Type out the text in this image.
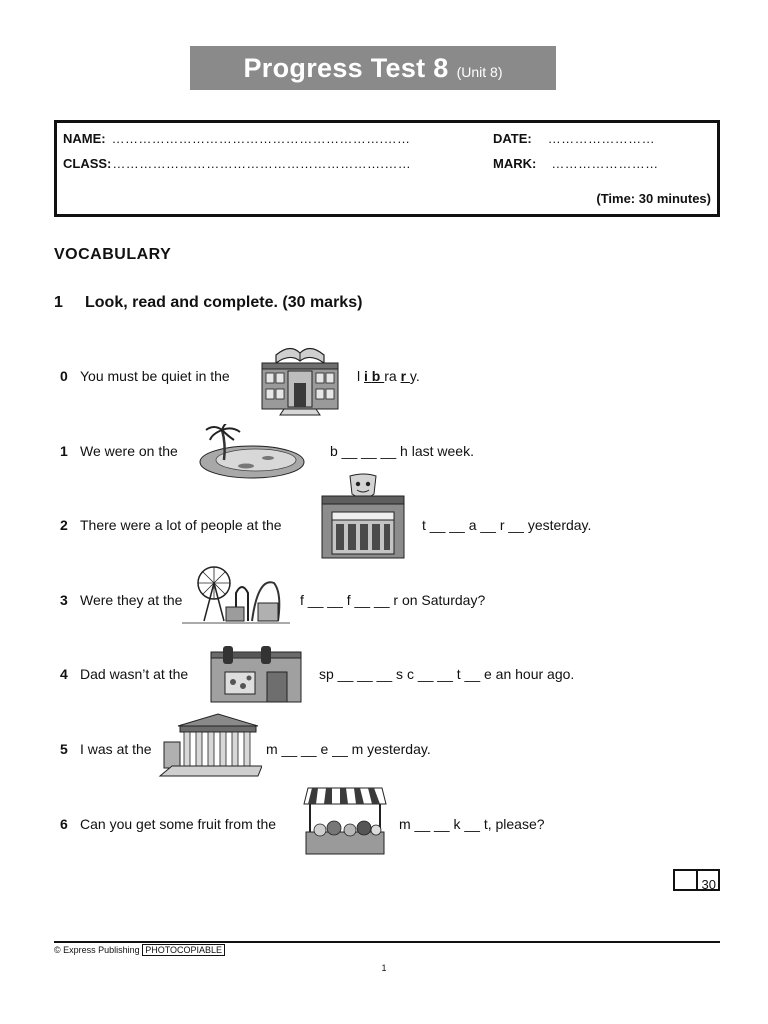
Progress Test 8 (Unit 8)
NAME: …………………………………………………….……	DATE: ……………………
CLASS:…………………………………………………….……	MARK: ……………………
(Time: 30 minutes)
VOCABULARY
1 Look, read and complete. (30 marks)
0 You must be quiet in the	l i b ra r y.
1 We were on the	b __ __ __ h last week.
2 There were a lot of people at the	t __ __ a __ r __ yesterday.
3 Were they at the	f __ __ f __ __ r on Saturday?
4 Dad wasn’t at the	sp __ __ __ s c __ __ t __ e an hour ago.
5 I was at the	m __ __ e __ m yesterday.
6 Can you get some fruit from the	m __ __ k __ t, please?
30
© Express Publishing PHOTOCOPIABLE
1
